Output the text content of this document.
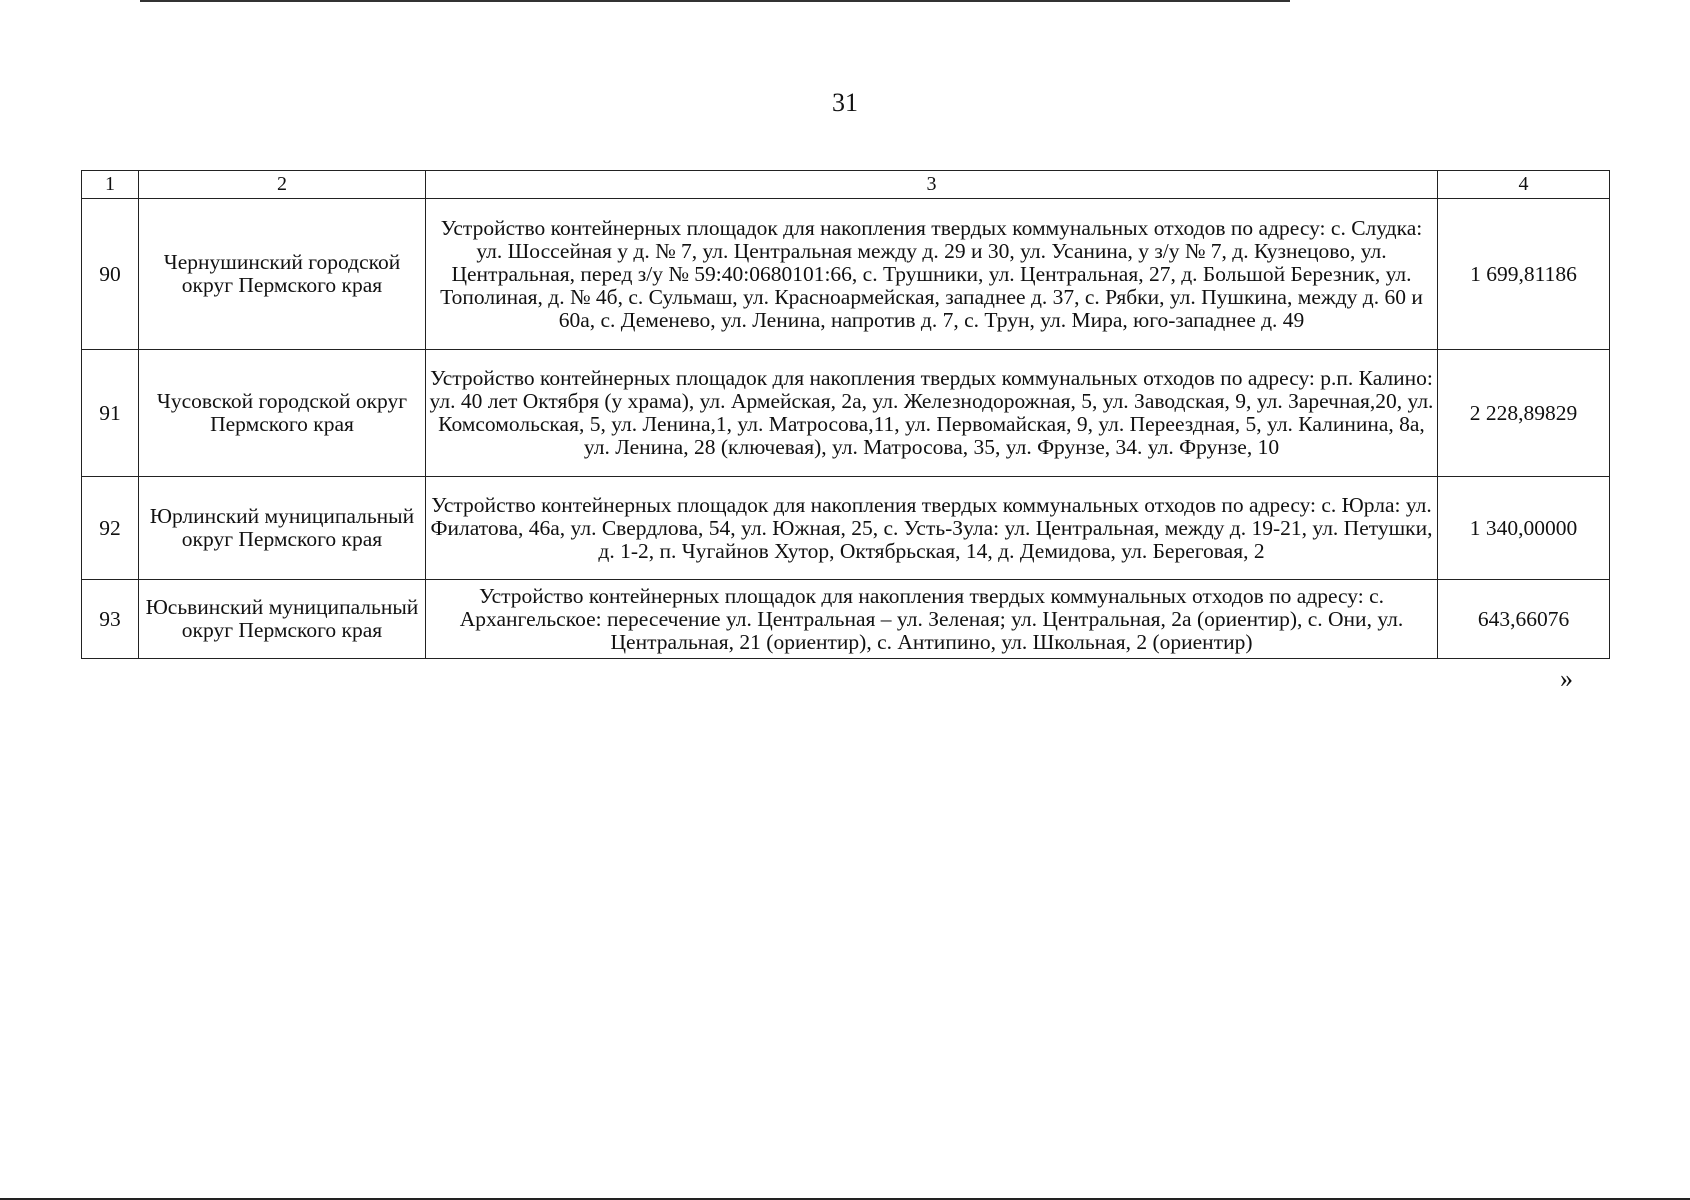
31
1	2	3	4
90	Чернушинский городской округ Пермского края	Устройство контейнерных площадок для накопления твердых коммунальных отходов по адресу: с. Слудка: ул. Шоссейная у д. № 7, ул. Центральная между д. 29 и 30, ул. Усанина, у з/у № 7, д. Кузнецово, ул. Центральная, перед з/у № 59:40:0680101:66, с. Трушники, ул. Центральная, 27, д. Большой Березник, ул. Тополиная, д. № 4б, с. Сульмаш, ул. Красноармейская, западнее д. 37, с. Рябки, ул. Пушкина, между д. 60 и 60а, с. Деменево, ул. Ленина, напротив д. 7, с. Трун, ул. Мира, юго-западнее д. 49	1 699,81186
91	Чусовской городской округ Пермского края	Устройство контейнерных площадок для накопления твердых коммунальных отходов по адресу: р.п. Калино: ул. 40 лет Октября (у храма), ул. Армейская, 2а, ул. Железнодорожная, 5, ул. Заводская, 9, ул. Заречная,20, ул. Комсомольская, 5, ул. Ленина,1, ул. Матросова,11, ул. Первомайская, 9, ул. Переездная, 5, ул. Калинина, 8а, ул. Ленина, 28 (ключевая), ул. Матросова, 35, ул. Фрунзе, 34. ул. Фрунзе, 10	2 228,89829
92	Юрлинский муниципальный округ Пермского края	Устройство контейнерных площадок для накопления твердых коммунальных отходов по адресу: с. Юрла: ул. Филатова, 46а, ул. Свердлова, 54, ул. Южная, 25, с. Усть-Зула: ул. Центральная, между д. 19-21, ул. Петушки, д. 1-2, п. Чугайнов Хутор, Октябрьская, 14, д. Демидова, ул. Береговая, 2	1 340,00000
93	Юсьвинский муниципальный округ Пермского края	Устройство контейнерных площадок для накопления твердых коммунальных отходов по адресу: с. Архангельское: пересечение ул. Центральная – ул. Зеленая; ул. Центральная, 2а (ориентир), с. Они, ул. Центральная, 21 (ориентир), с. Антипино, ул. Школьная, 2 (ориентир)	643,66076
»
